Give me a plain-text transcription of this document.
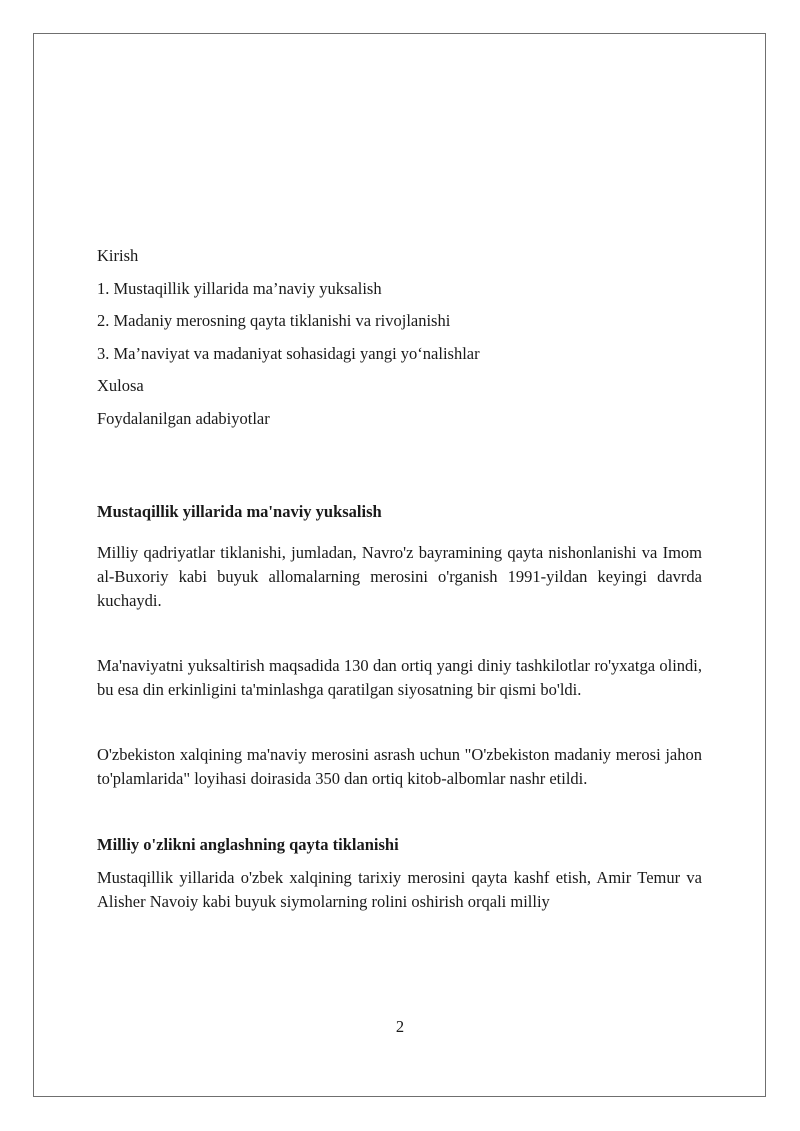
Kirish
1. Mustaqillik yillarida ma’naviy yuksalish
2. Madaniy merosning qayta tiklanishi va rivojlanishi
3. Ma’naviyat va madaniyat sohasidagi yangi yo‘nalishlar
Xulosa
Foydalanilgan adabiyotlar
Mustaqillik yillarida ma'naviy yuksalish

Milliy qadriyatlar tiklanishi, jumladan, Navro'z bayramining qayta nishonlanishi va Imom al-Buxoriy kabi buyuk allomalarning merosini o'rganish 1991-yildan keyingi davrda kuchaydi.

Ma'naviyatni yuksaltirish maqsadida 130 dan ortiq yangi diniy tashkilotlar ro'yxatga olindi, bu esa din erkinligini ta'minlashga qaratilgan siyosatning bir qismi bo'ldi.

O'zbekiston xalqining ma'naviy merosini asrash uchun "O'zbekiston madaniy merosi jahon to'plamlarida" loyihasi doirasida 350 dan ortiq kitob-albomlar nashr etildi.

Milliy o'zlikni anglashning qayta tiklanishi

Mustaqillik yillarida o'zbek xalqining tarixiy merosini qayta kashf etish, Amir Temur va Alisher Navoiy kabi buyuk siymolarning rolini oshirish orqali milliy

2
